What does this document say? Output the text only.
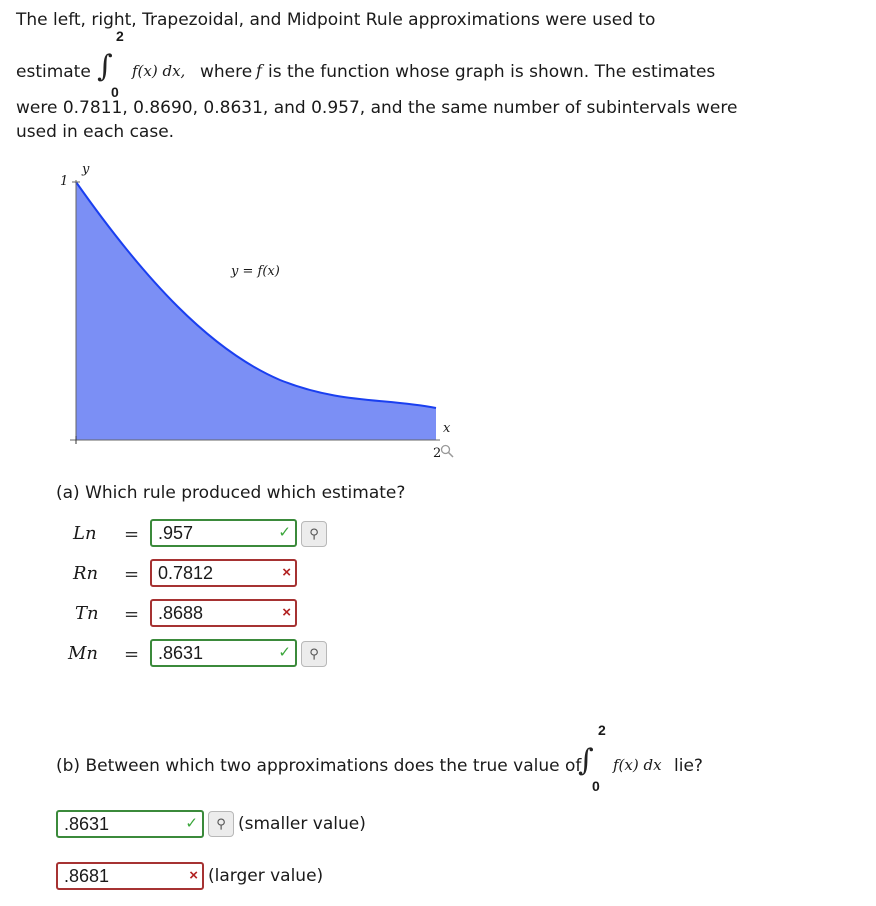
The left, right, Trapezoidal, and Midpoint Rule approximations were used to
2
estimate ∫
0
f(x) dx, where f is the function whose graph is shown. The estimates
were 0.7811, 0.8690, 0.8631, and 0.957, and the same number of subintervals were
used in each case.
y
1
x
2
y = f(x)
(a) Which rule produced which estimate?
Ln = .957	✓	⚲
Rn = 0.7812	×
Tn = .8688	×
Mn = .8631	✓	⚲
2
(b) Between which two approximations does the true value of
∫
0
f(x) dx lie?
.8631	✓	⚲ (smaller value)
.8681	× (larger value)
